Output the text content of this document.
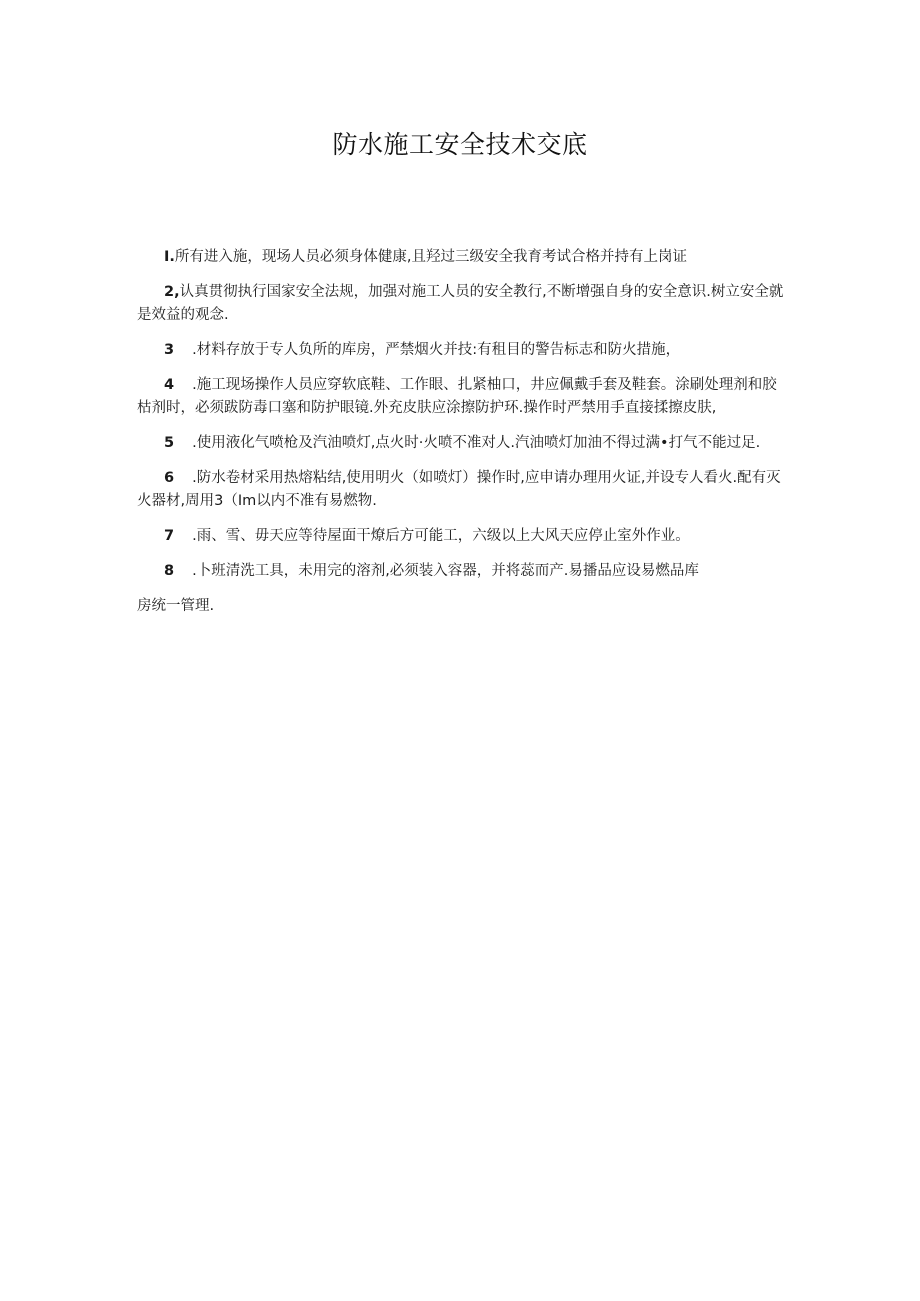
防水施工安全技术交底

I.所有进入施，现场人员必须身体健康,且羟过三级安全我育考试合格并持有上岗证

2,认真贯彻执行国家安全法规，加强对施工人员的安全教行,不断增强自身的安全意识.树立安全就是效益的观念.

3 .材料存放于专人负所的库房，严禁烟火并技:有租目的警告标志和防火措施，

4 .施工现场操作人员应穿软底鞋、工作眼、扎紧柚口，井应佩戴手套及鞋套。涂刷处理剂和胶枯剂时，必须跋防毒口塞和防护眼镜.外充皮肤应涂擦防护环.操作时严禁用手直接揉擦皮肤,

5 .使用液化气喷枪及汽油喷灯,点火时·火喷不准对人.汽油喷灯加油不得过满•打气不能过足.

6 .防水卷材采用热熔粘结,使用明火（如喷灯）操作时,应申请办理用火证,并设专人看火.配有灭火器材,周用3（Im以内不准有易燃物.

7 .雨、雪、毋天应等待屋面干燎后方可能工，六级以上大风天应停止室外作业。

8 .卜班清洗工具，未用完的溶剂,必须装入容器，并将蕊而产.易播品应设易燃品库

房统一管理.
